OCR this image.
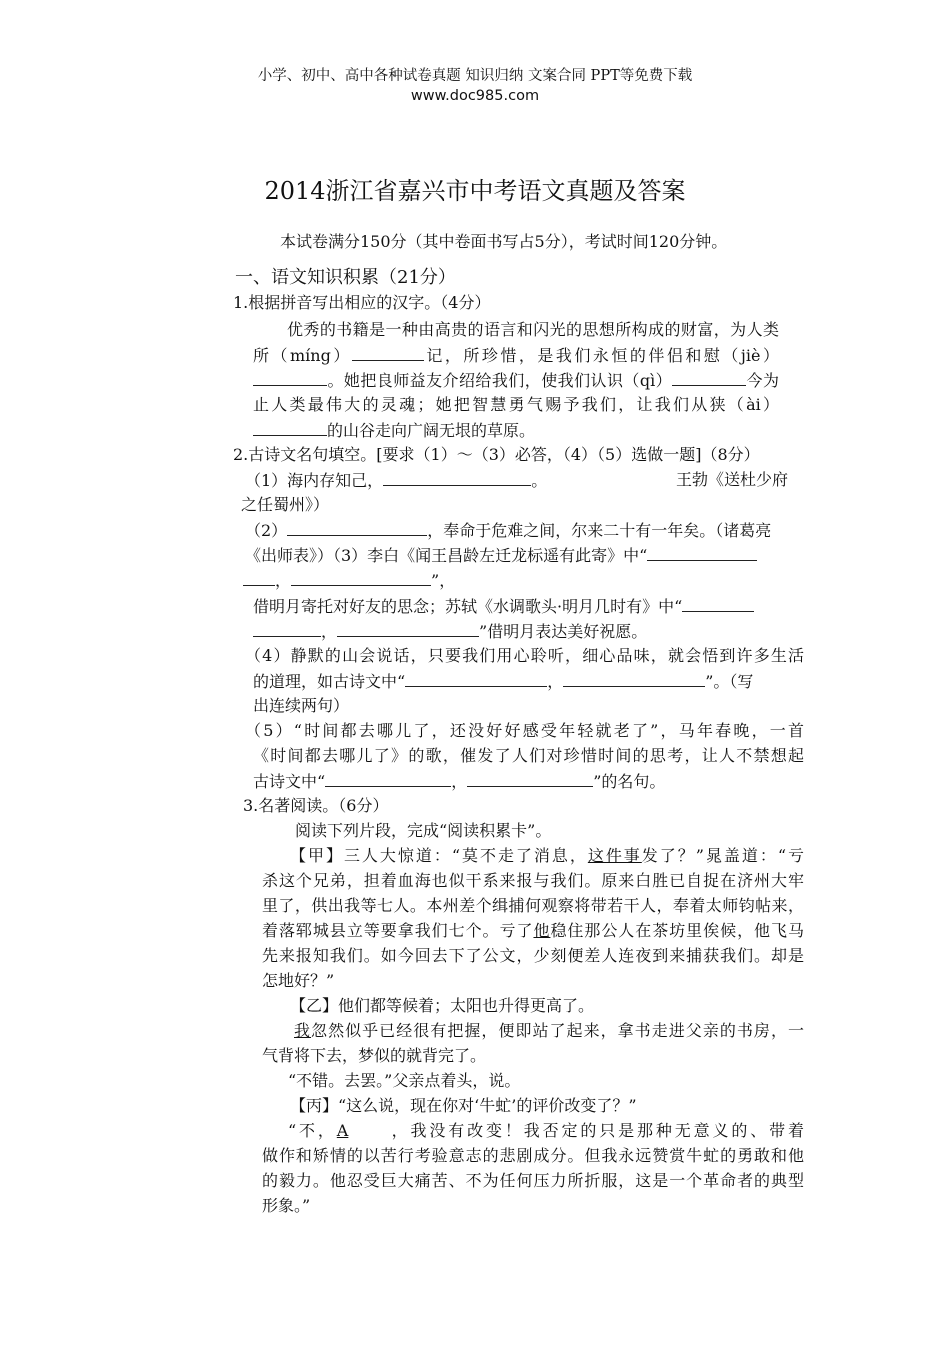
小学、初中、高中各种试卷真题 知识归纳 文案合同 PPT等免费下载
www.doc985.com
2014浙江省嘉兴市中考语文真题及答案
本试卷满分150分（其中卷面书写占5分），考试时间120分钟。
一、语文知识积累（21分）
1.根据拼音写出相应的汉字。（4分）
优秀的书籍是一种由高贵的语言和闪光的思想所构成的财富，为人类
所（míng）	记，所珍惜，是我们永恒的伴侣和慰（jiè）
。她把良师益友介绍给我们，使我们认识（qì）	今为
止人类最伟大的灵魂；她把智慧勇气赐予我们，让我们从狭（ài）
的山谷走向广阔无垠的草原。
2.古诗文名句填空。[要求（1）～（3）必答，（4）（5）选做一题]（8分）
（1）海内存知己，	。	王勃《送杜少府
之任蜀州》）
（2）	，奉命于危难之间，尔来二十有一年矣。（诸葛亮
《出师表》）（3）李白《闻王昌龄左迁龙标遥有此寄》中“
，	”，
借明月寄托对好友的思念；苏轼《水调歌头·明月几时有》中“
，	”借明月表达美好祝愿。
（4）静默的山会说话，只要我们用心聆听，细心品味，就会悟到许多生活
的道理，如古诗文中“	，	”。（写
出连续两句）
（5）“时间都去哪儿了，还没好好感受年轻就老了”，马年春晚，一首
《时间都去哪儿了》的歌，催发了人们对珍惜时间的思考，让人不禁想起
古诗文中“	，	”的名句。
3.名著阅读。（6分）
阅读下列片段，完成“阅读积累卡”。
【甲】三人大惊道：“莫不走了消息，这件事发了？”晁盖道：“亏
杀这个兄弟，担着血海也似干系来报与我们。原来白胜已自捉在济州大牢
里了，供出我等七人。本州差个缉捕何观察将带若干人，奉着太师钧帖来，
着落郓城县立等要拿我们七个。亏了他稳住那公人在茶坊里俟候，他飞马
先来报知我们。如今回去下了公文，少刻便差人连夜到来捕获我们。却是
怎地好？”
【乙】他们都等候着；太阳也升得更高了。
我忽然似乎已经很有把握，便即站了起来，拿书走进父亲的书房，一
气背将下去，梦似的就背完了。
“不错。去罢。”父亲点着头，说。
【丙】“这么说，现在你对‘牛虻’的评价改变了？”
“不，A	，我没有改变！我否定的只是那种无意义的、带着
做作和矫情的以苦行考验意志的悲剧成分。但我永远赞赏牛虻的勇敢和他
的毅力。他忍受巨大痛苦、不为任何压力所折服，这是一个革命者的典型
形象。”
